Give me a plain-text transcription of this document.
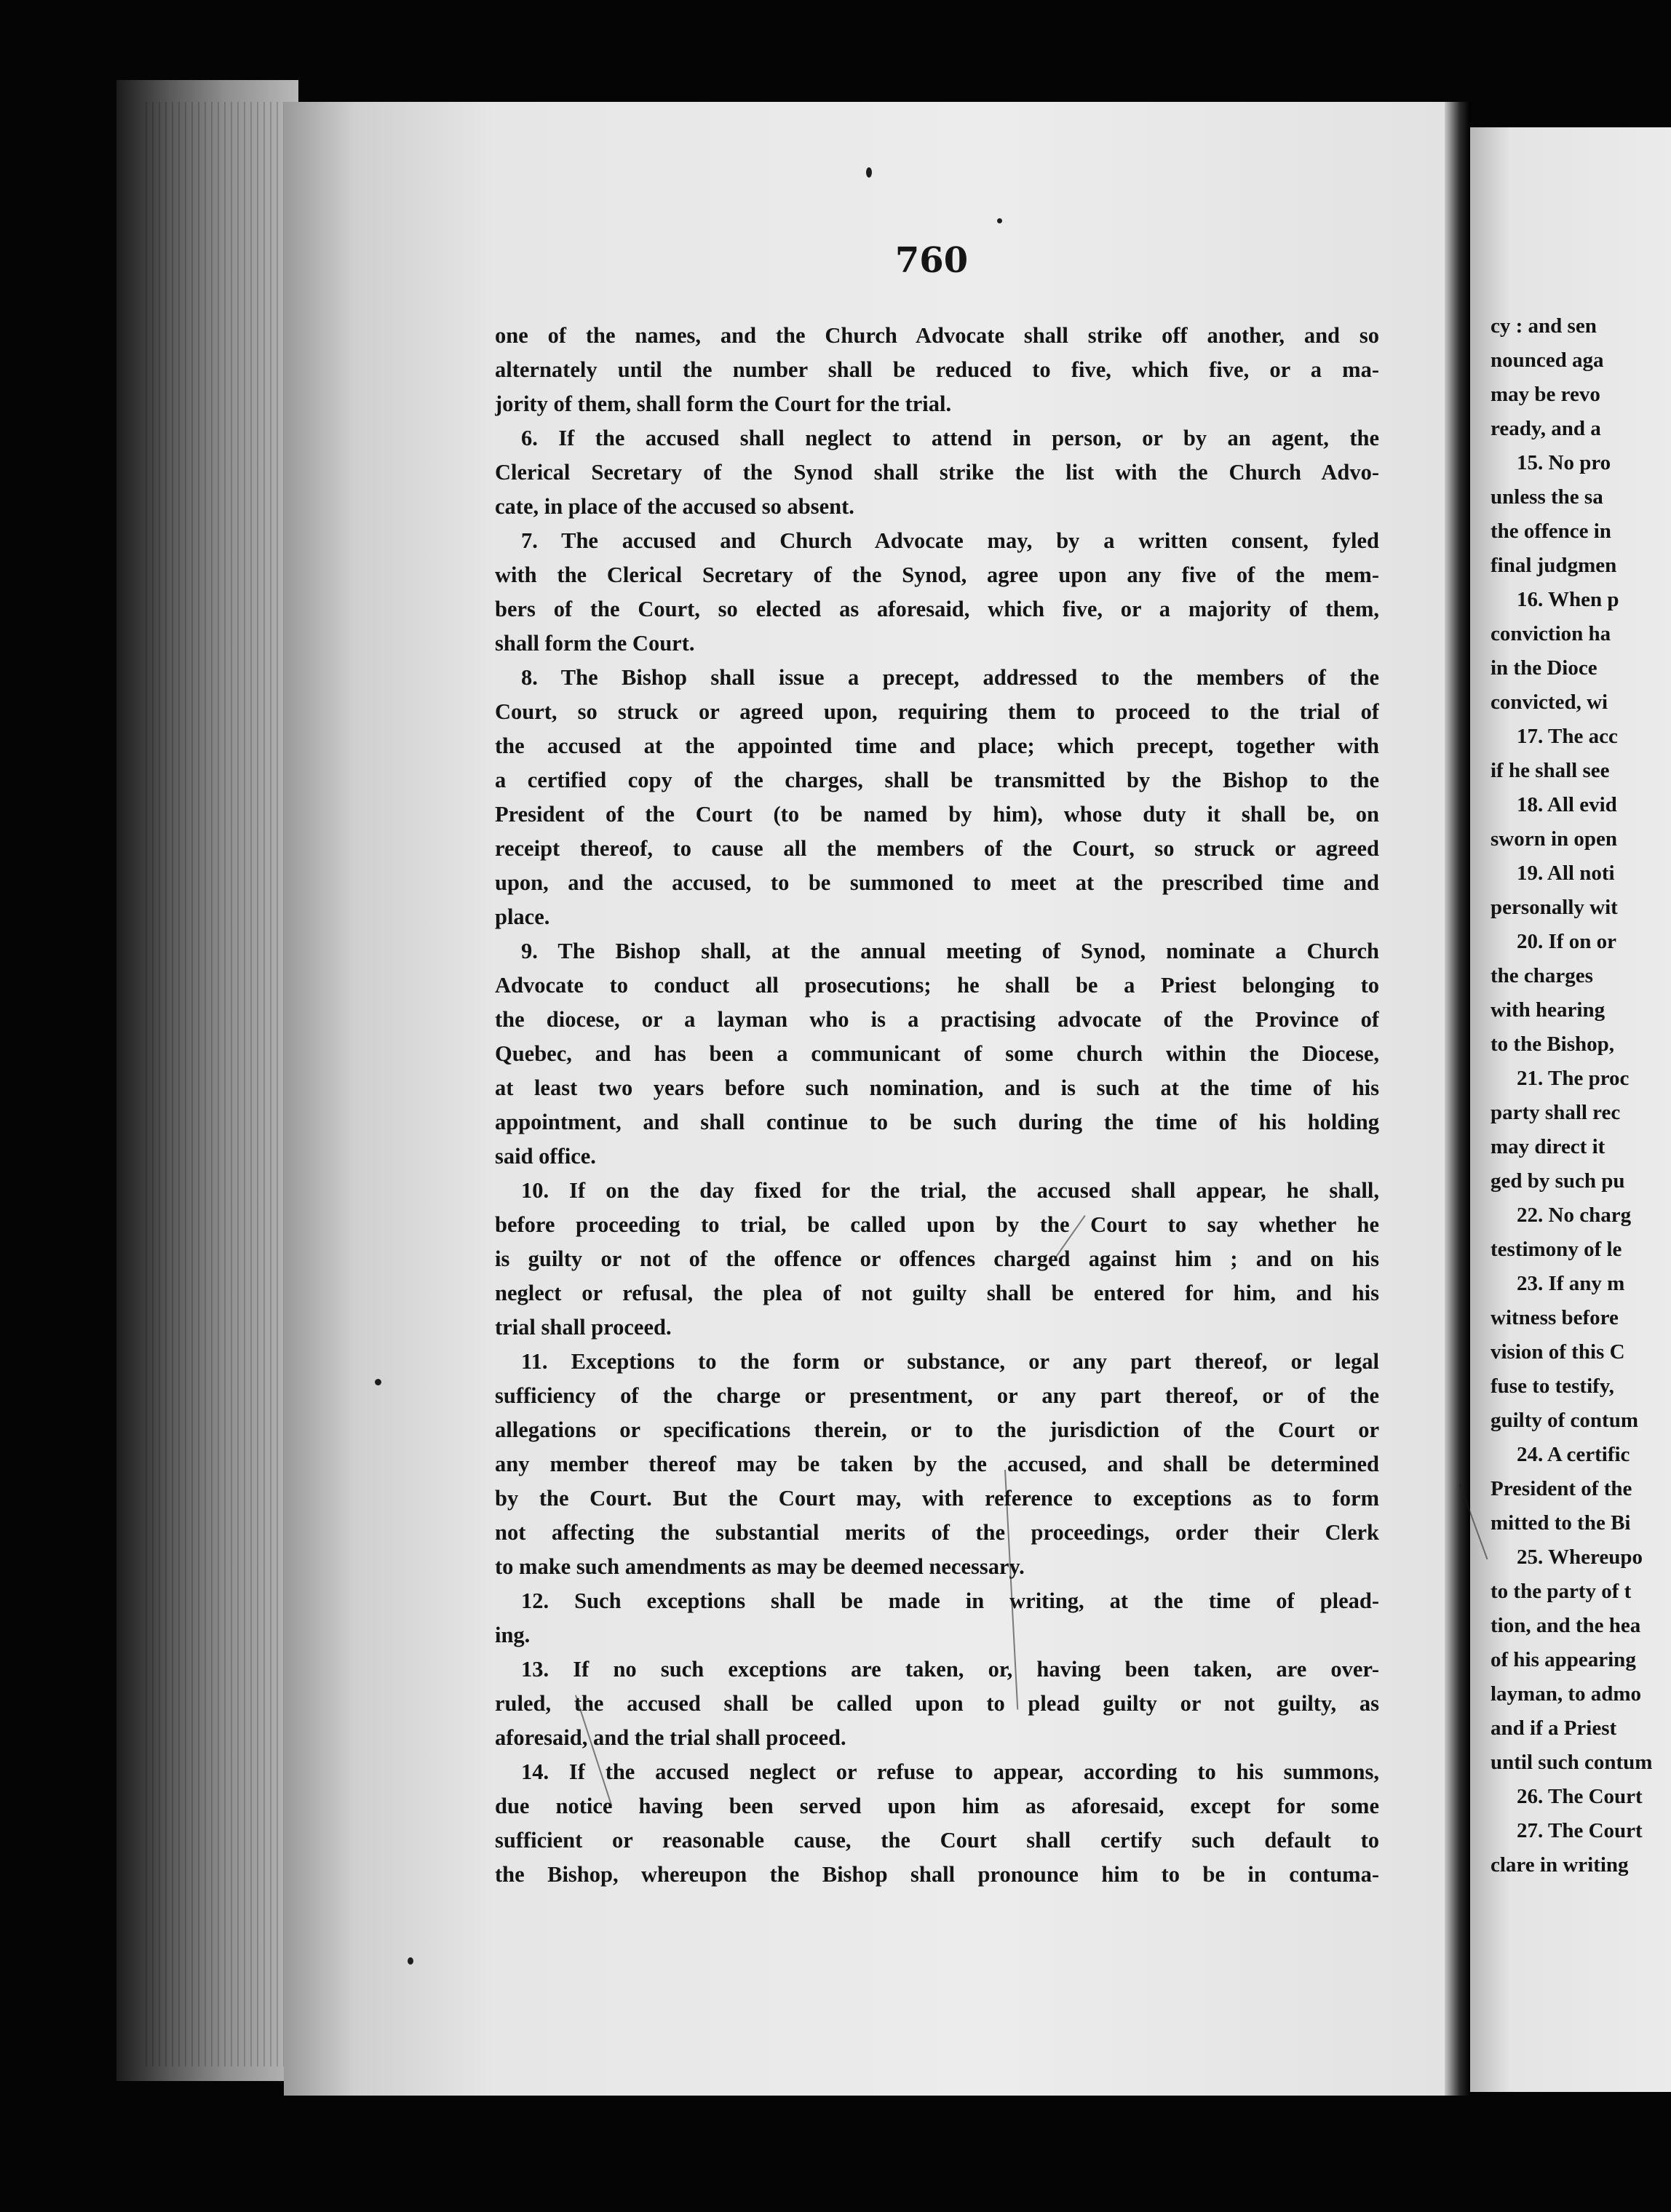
760
one of the names, and the Church Advocate shall strike off another, and so
alternately until the number shall be reduced to five, which five, or a ma-
jority of them, shall form the Court for the trial.
6. If the accused shall neglect to attend in person, or by an agent, the
Clerical Secretary of the Synod shall strike the list with the Church Advo-
cate, in place of the accused so absent.
7. The accused and Church Advocate may, by a written consent, fyled
with the Clerical Secretary of the Synod, agree upon any five of the mem-
bers of the Court, so elected as aforesaid, which five, or a majority of them,
shall form the Court.
8. The Bishop shall issue a precept, addressed to the members of the
Court, so struck or agreed upon, requiring them to proceed to the trial of
the accused at the appointed time and place; which precept, together with
a certified copy of the charges, shall be transmitted by the Bishop to the
President of the Court (to be named by him), whose duty it shall be, on
receipt thereof, to cause all the members of the Court, so struck or agreed
upon, and the accused, to be summoned to meet at the prescribed time and
place.
9. The Bishop shall, at the annual meeting of Synod, nominate a Church
Advocate to conduct all prosecutions; he shall be a Priest belonging to
the diocese, or a layman who is a practising advocate of the Province of
Quebec, and has been a communicant of some church within the Diocese,
at least two years before such nomination, and is such at the time of his
appointment, and shall continue to be such during the time of his holding
said office.
10. If on the day fixed for the trial, the accused shall appear, he shall,
before proceeding to trial, be called upon by the Court to say whether he
is guilty or not of the offence or offences charged against him ; and on his
neglect or refusal, the plea of not guilty shall be entered for him, and his
trial shall proceed.
11. Exceptions to the form or substance, or any part thereof, or legal
sufficiency of the charge or presentment, or any part thereof, or of the
allegations or specifications therein, or to the jurisdiction of the Court or
any member thereof may be taken by the accused, and shall be determined
by the Court. But the Court may, with reference to exceptions as to form
not affecting the substantial merits of the proceedings, order their Clerk
to make such amendments as may be deemed necessary.
12. Such exceptions shall be made in writing, at the time of plead-
ing.
13. If no such exceptions are taken, or, having been taken, are over-
ruled, the accused shall be called upon to plead guilty or not guilty, as
aforesaid, and the trial shall proceed.
14. If the accused neglect or refuse to appear, according to his summons,
due notice having been served upon him as aforesaid, except for some
sufficient or reasonable cause, the Court shall certify such default to
the Bishop, whereupon the Bishop shall pronounce him to be in contuma-
cy : and sen
nounced aga
may be revo
ready, and a
15. No pro
unless the sa
the offence in
final judgmen
16. When p
conviction ha
in the Dioce
convicted, wi
17. The acc
if he shall see
18. All evid
sworn in open
19. All noti
personally wit
20. If on or
the charges
with hearing
to the Bishop,
21. The proc
party shall rec
may direct it
ged by such pu
22. No charg
testimony of le
23. If any m
witness before
vision of this C
fuse to testify,
guilty of contum
24. A certific
President of the
mitted to the Bi
25. Whereupo
to the party of t
tion, and the hea
of his appearing
layman, to admo
and if a Priest
until such contum
26. The Court
27. The Court
clare in writing
